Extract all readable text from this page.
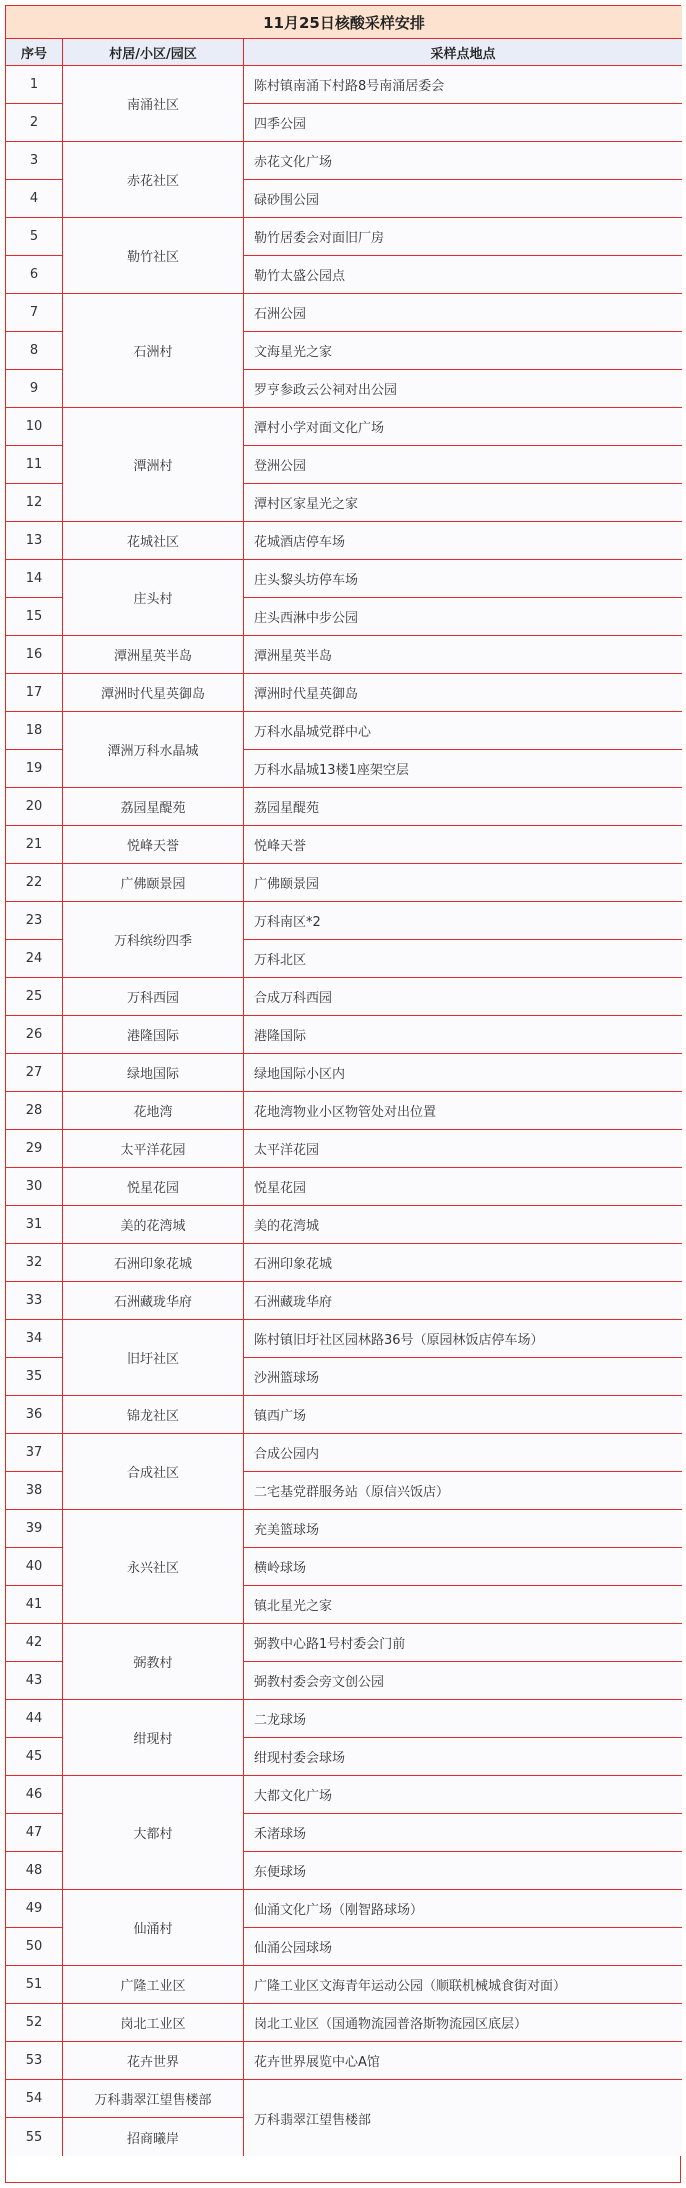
11月25日核酸采样安排
序号	村居/小区/园区	采样点地点
1
2
3
4
5
6
7
8
9
10
11
12
13
14
15
16
17
18
19
20
21
22
23
24
25
26
27
28
29
30
31
32
33
34
35
36
37
38
39
40
41
42
43
44
45
46
47
48
49
50
51
52
53
54
55
南涌社区
赤花社区
勒竹社区
石洲村
潭洲村
花城社区
庄头村
潭洲星英半岛
潭洲时代星英御岛
潭洲万科水晶城
荔园星醍苑
悦峰天誉
广佛颐景园
万科缤纷四季
万科西园
港隆国际
绿地国际
花地湾
太平洋花园
悦星花园
美的花湾城
石洲印象花城
石洲藏珑华府
旧圩社区
锦龙社区
合成社区
永兴社区
弼教村
绀现村
大都村
仙涌村
广隆工业区
岗北工业区
花卉世界
万科翡翠江望售楼部
招商曦岸
陈村镇南涌下村路8号南涌居委会
四季公园
赤花文化广场
碌砂围公园
勒竹居委会对面旧厂房
勒竹太盛公园点
石洲公园
文海星光之家
罗亨参政云公祠对出公园
潭村小学对面文化广场
登洲公园
潭村区家星光之家
花城酒店停车场
庄头黎头坊停车场
庄头西淋中步公园
潭洲星英半岛
潭洲时代星英御岛
万科水晶城党群中心
万科水晶城13楼1座架空层
荔园星醍苑
悦峰天誉
广佛颐景园
万科南区*2
万科北区
合成万科西园
港隆国际
绿地国际小区内
花地湾物业小区物管处对出位置
太平洋花园
悦星花园
美的花湾城
石洲印象花城
石洲藏珑华府
陈村镇旧圩社区园林路36号（原园林饭店停车场）
沙洲篮球场
镇西广场
合成公园内
二宅基党群服务站（原信兴饭店）
充美篮球场
横岭球场
镇北星光之家
弼教中心路1号村委会门前
弼教村委会旁文创公园
二龙球场
绀现村委会球场
大都文化广场
禾渚球场
东便球场
仙涌文化广场（刚智路球场）
仙涌公园球场
广隆工业区文海青年运动公园（顺联机械城食街对面）
岗北工业区（国通物流园普洛斯物流园区底层）
花卉世界展览中心A馆
万科翡翠江望售楼部
